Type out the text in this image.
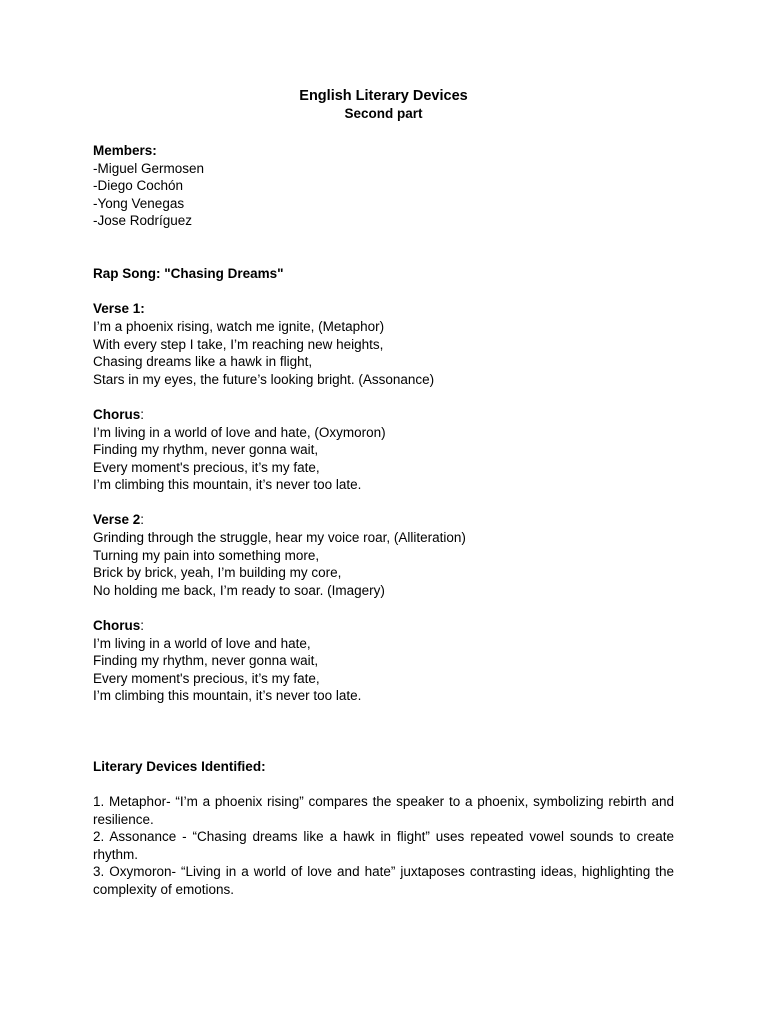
English Literary Devices
Second part
Members:
-Miguel Germosen
-Diego Cochón
-Yong Venegas
-Jose Rodríguez
Rap Song: "Chasing Dreams"
Verse 1:
I’m a phoenix rising, watch me ignite, (Metaphor)
With every step I take, I’m reaching new heights,
Chasing dreams like a hawk in flight,
Stars in my eyes, the future’s looking bright. (Assonance)
Chorus:
I’m living in a world of love and hate, (Oxymoron)
Finding my rhythm, never gonna wait,
Every moment's precious, it’s my fate,
I’m climbing this mountain, it’s never too late.
Verse 2:
Grinding through the struggle, hear my voice roar, (Alliteration)
Turning my pain into something more,
Brick by brick, yeah, I’m building my core,
No holding me back, I’m ready to soar. (Imagery)
Chorus:
I’m living in a world of love and hate,
Finding my rhythm, never gonna wait,
Every moment's precious, it’s my fate,
I’m climbing this mountain, it’s never too late.
Literary Devices Identified:
1. Metaphor- “I’m a phoenix rising” compares the speaker to a phoenix, symbolizing rebirth and resilience.
2. Assonance - “Chasing dreams like a hawk in flight” uses repeated vowel sounds to create rhythm.
3. Oxymoron- “Living in a world of love and hate” juxtaposes contrasting ideas, highlighting the complexity of emotions.
